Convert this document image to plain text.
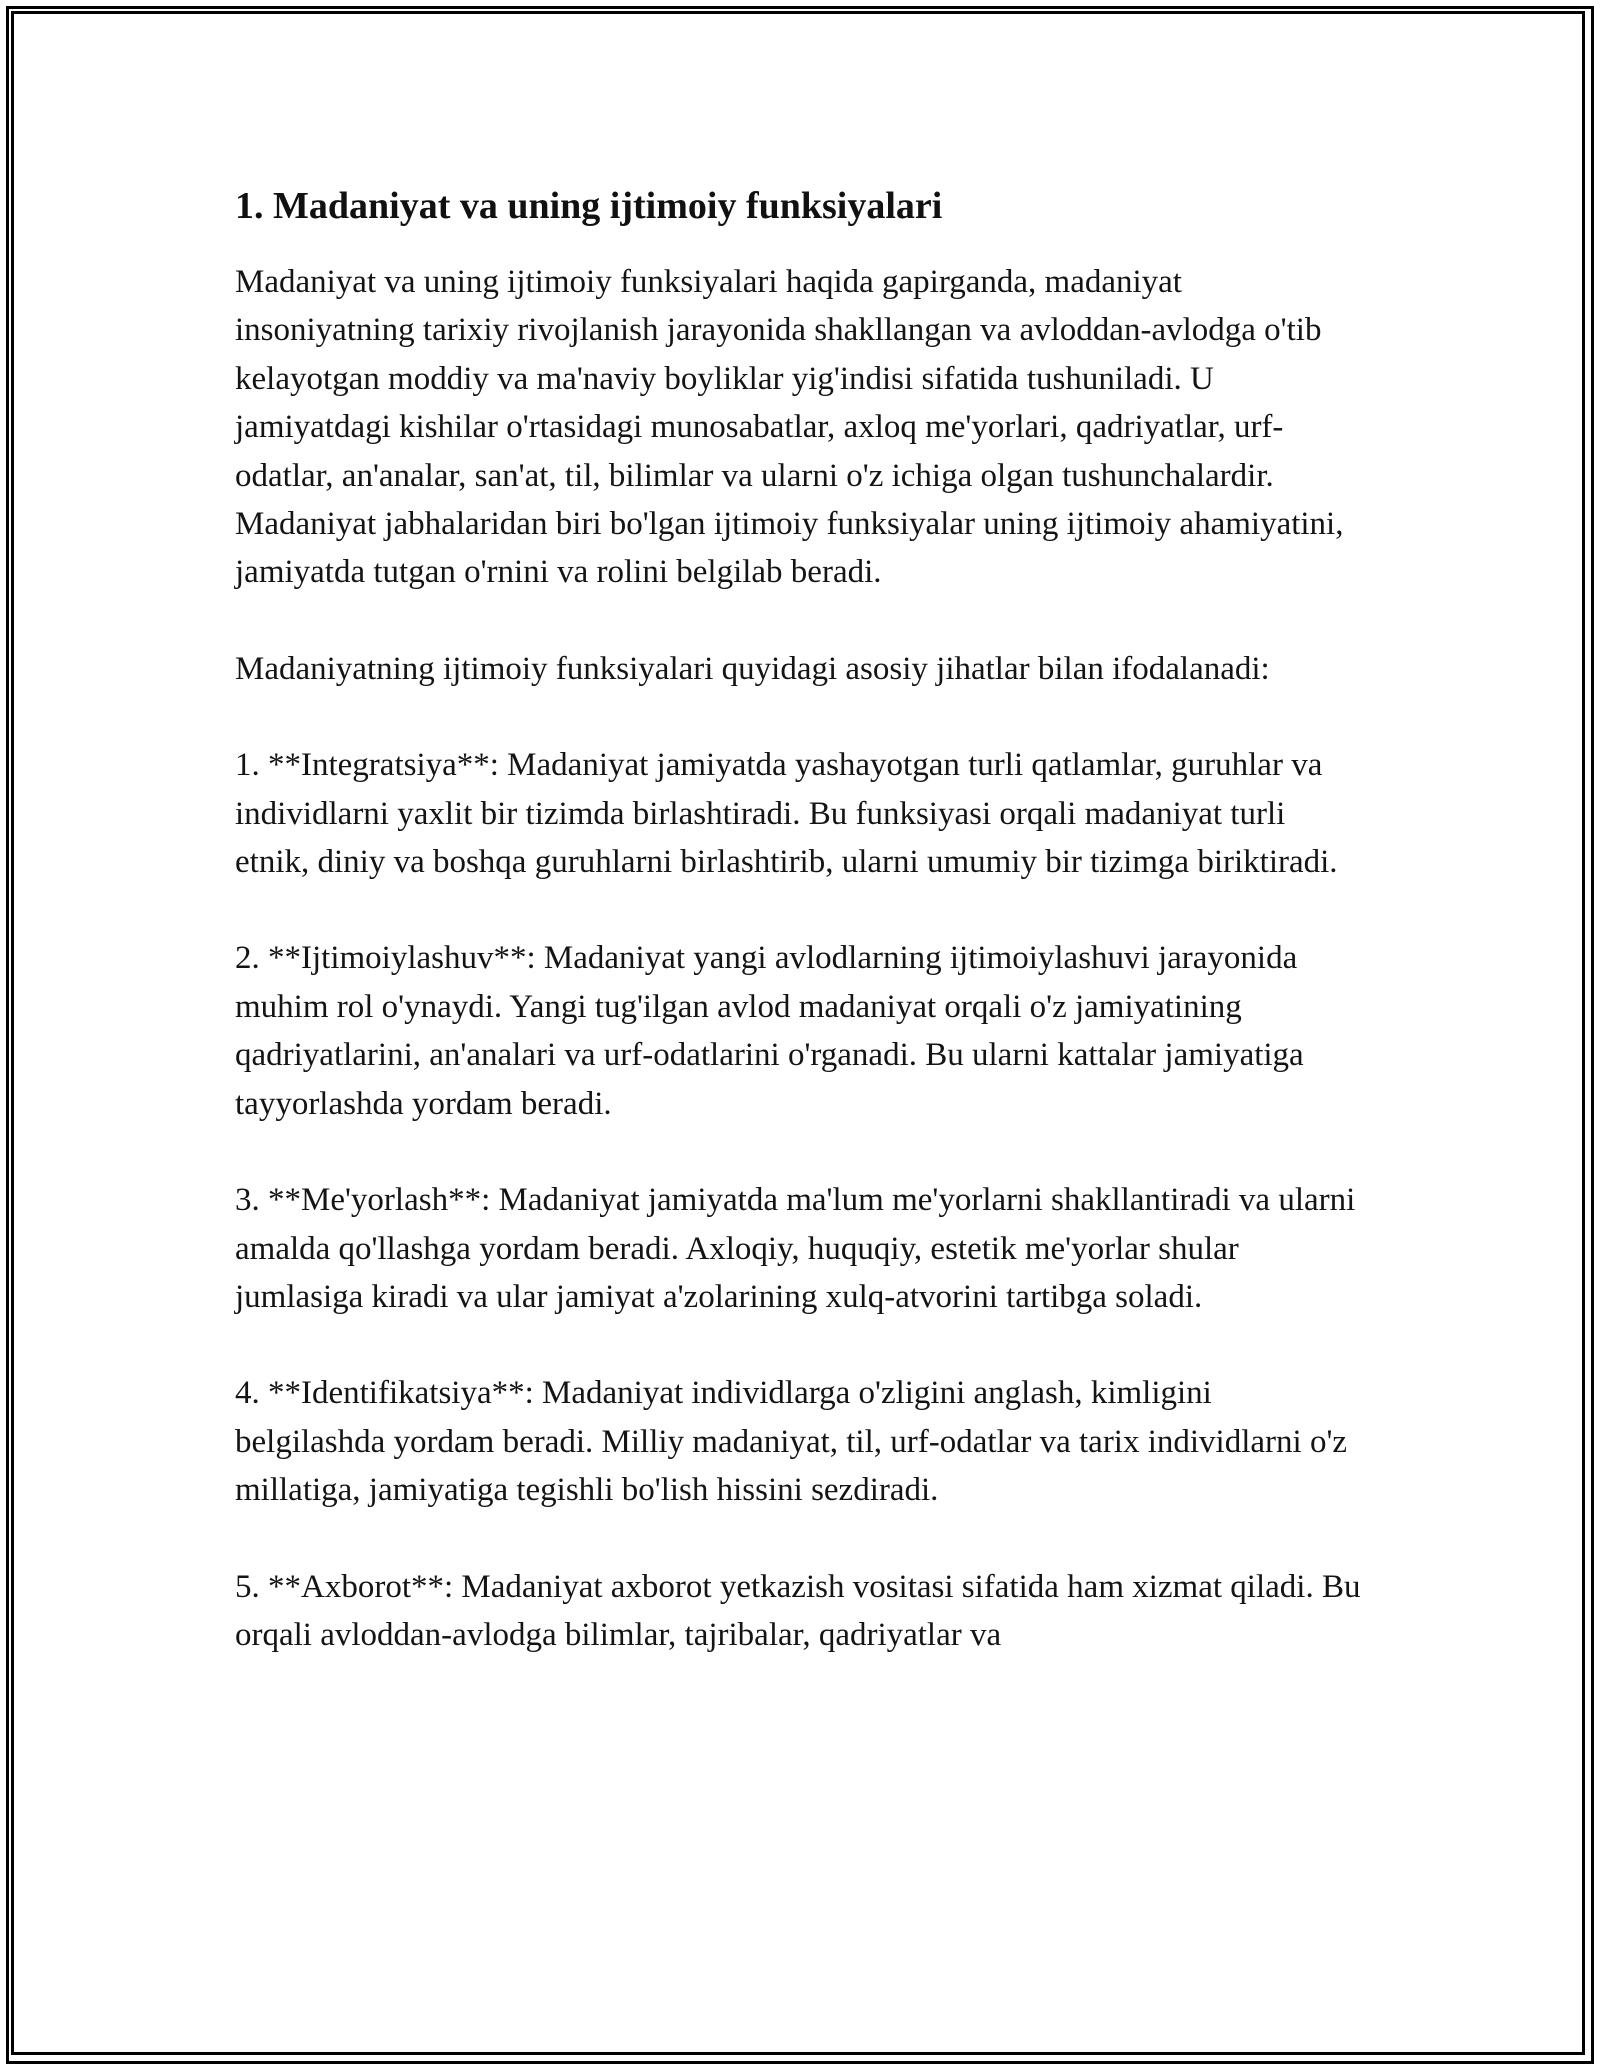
1. Madaniyat va uning ijtimoiy funksiyalari

Madaniyat va uning ijtimoiy funksiyalari haqida gapirganda, madaniyat insoniyatning tarixiy rivojlanish jarayonida shakllangan va avloddan-avlodga o'tib kelayotgan moddiy va ma'naviy boyliklar yig'indisi sifatida tushuniladi. U jamiyatdagi kishilar o'rtasidagi munosabatlar, axloq me'yorlari, qadriyatlar, urf-odatlar, an'analar, san'at, til, bilimlar va ularni o'z ichiga olgan tushunchalardir. Madaniyat jabhalaridan biri bo'lgan ijtimoiy funksiyalar uning ijtimoiy ahamiyatini, jamiyatda tutgan o'rnini va rolini belgilab beradi.

Madaniyatning ijtimoiy funksiyalari quyidagi asosiy jihatlar bilan ifodalanadi:

1. **Integratsiya**: Madaniyat jamiyatda yashayotgan turli qatlamlar, guruhlar va individlarni yaxlit bir tizimda birlashtiradi. Bu funksiyasi orqali madaniyat turli etnik, diniy va boshqa guruhlarni birlashtirib, ularni umumiy bir tizimga biriktiradi.

2. **Ijtimoiylashuv**: Madaniyat yangi avlodlarning ijtimoiylashuvi jarayonida muhim rol o'ynaydi. Yangi tug'ilgan avlod madaniyat orqali o'z jamiyatining qadriyatlarini, an'analari va urf-odatlarini o'rganadi. Bu ularni kattalar jamiyatiga tayyorlashda yordam beradi.

3. **Me'yorlash**: Madaniyat jamiyatda ma'lum me'yorlarni shakllantiradi va ularni amalda qo'llashga yordam beradi. Axloqiy, huquqiy, estetik me'yorlar shular jumlasiga kiradi va ular jamiyat a'zolarining xulq-atvorini tartibga soladi.

4. **Identifikatsiya**: Madaniyat individlarga o'zligini anglash, kimligini belgilashda yordam beradi. Milliy madaniyat, til, urf-odatlar va tarix individlarni o'z millatiga, jamiyatiga tegishli bo'lish hissini sezdiradi.

5. **Axborot**: Madaniyat axborot yetkazish vositasi sifatida ham xizmat qiladi. Bu orqali avloddan-avlodga bilimlar, tajribalar, qadriyatlar va
